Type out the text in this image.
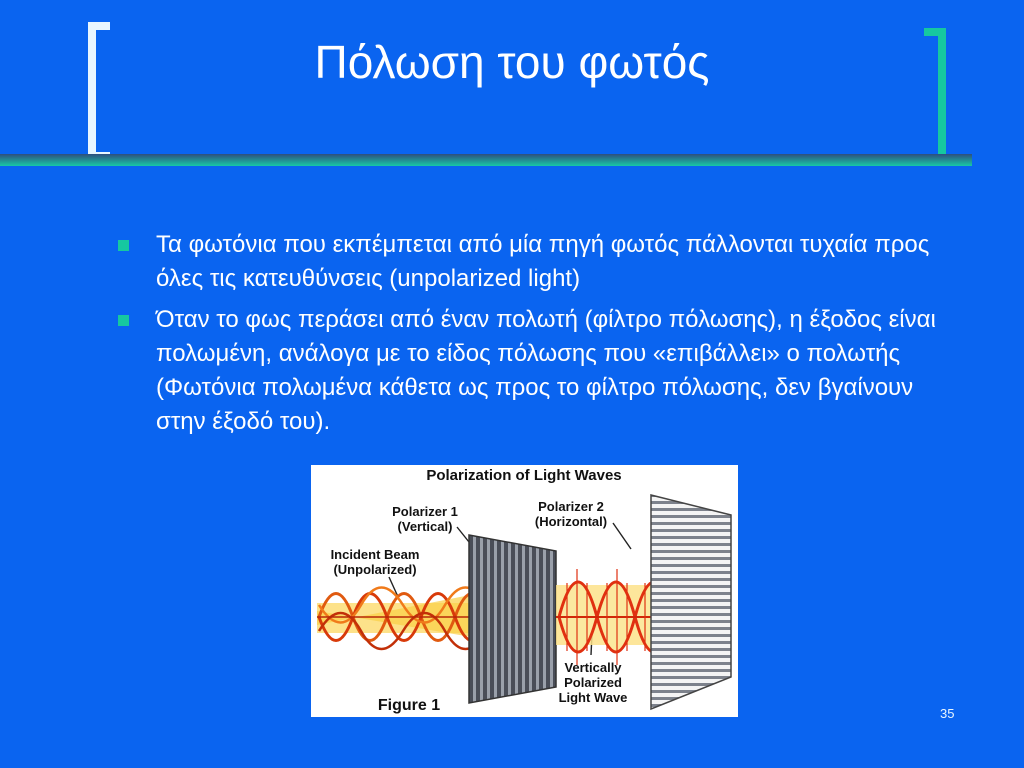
Πόλωση του φωτός
Τα φωτόνια που εκπέμπεται από μία πηγή φωτός πάλλονται τυχαία προς όλες τις κατευθύνσεις (unpolarized light)
Όταν το φως περάσει από έναν πολωτή (φίλτρο πόλωσης), η έξοδος είναι πολωμένη, ανάλογα με το είδος πόλωσης που «επιβάλλει» ο πολωτής (Φωτόνια πολωμένα κάθετα ως προς το φίλτρο πόλωσης, δεν βγαίνουν στην έξοδό του).
Polarization of Light Waves
Polarizer 1
(Vertical)
Polarizer 2
(Horizontal)
Incident Beam
(Unpolarized)
Vertically
Polarized
Light Wave
Figure 1	35
